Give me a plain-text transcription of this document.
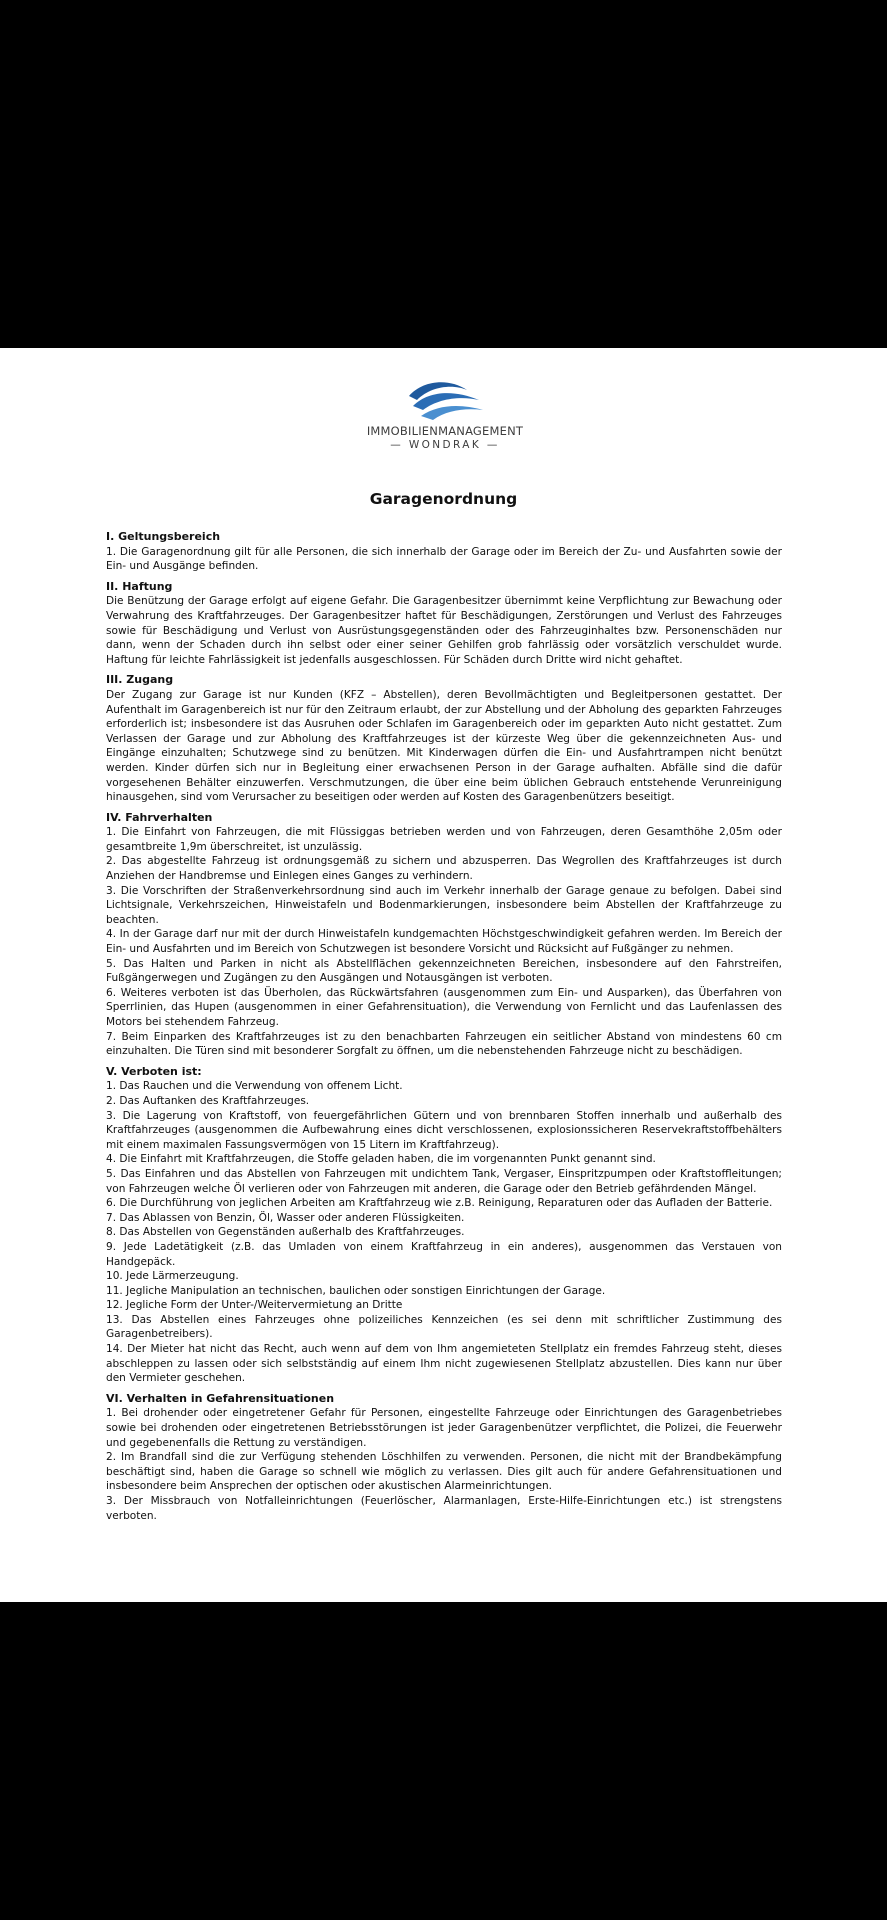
IMMOBILIENMANAGEMENT
— WONDRAK —
Garagenordnung
I. Geltungsbereich

1. Die Garagenordnung gilt für alle Personen, die sich innerhalb der Garage oder im Bereich der Zu- und Ausfahrten sowie der Ein- und Ausgänge befinden.

II. Haftung

Die Benützung der Garage erfolgt auf eigene Gefahr. Die Garagenbesitzer übernimmt keine Verpflichtung zur Bewachung oder Verwahrung des Kraftfahrzeuges. Der Garagenbesitzer haftet für Beschädigungen, Zerstörungen und Verlust des Fahrzeuges sowie für Beschädigung und Verlust von Ausrüstungsgegenständen oder des Fahrzeuginhaltes bzw. Personenschäden nur dann, wenn der Schaden durch ihn selbst oder einer seiner Gehilfen grob fahrlässig oder vorsätzlich verschuldet wurde. Haftung für leichte Fahrlässigkeit ist jedenfalls ausgeschlossen. Für Schäden durch Dritte wird nicht gehaftet.

III. Zugang

Der Zugang zur Garage ist nur Kunden (KFZ – Abstellen), deren Bevollmächtigten und Begleitpersonen gestattet. Der Aufenthalt im Garagenbereich ist nur für den Zeitraum erlaubt, der zur Abstellung und der Abholung des geparkten Fahrzeuges erforderlich ist; insbesondere ist das Ausruhen oder Schlafen im Garagenbereich oder im geparkten Auto nicht gestattet. Zum Verlassen der Garage und zur Abholung des Kraftfahrzeuges ist der kürzeste Weg über die gekennzeichneten Aus- und Eingänge einzuhalten; Schutzwege sind zu benützen. Mit Kinderwagen dürfen die Ein- und Ausfahrtrampen nicht benützt werden. Kinder dürfen sich nur in Begleitung einer erwachsenen Person in der Garage aufhalten. Abfälle sind die dafür vorgesehenen Behälter einzuwerfen. Verschmutzungen, die über eine beim üblichen Gebrauch entstehende Verunreinigung hinausgehen, sind vom Verursacher zu beseitigen oder werden auf Kosten des Garagenbenützers beseitigt.

IV. Fahrverhalten

1. Die Einfahrt von Fahrzeugen, die mit Flüssiggas betrieben werden und von Fahrzeugen, deren Gesamthöhe 2,05m oder gesamtbreite 1,9m überschreitet, ist unzulässig.

2. Das abgestellte Fahrzeug ist ordnungsgemäß zu sichern und abzusperren. Das Wegrollen des Kraftfahrzeuges ist durch Anziehen der Handbremse und Einlegen eines Ganges zu verhindern.

3. Die Vorschriften der Straßenverkehrsordnung sind auch im Verkehr innerhalb der Garage genaue zu befolgen. Dabei sind Lichtsignale, Verkehrszeichen, Hinweistafeln und Bodenmarkierungen, insbesondere beim Abstellen der Kraftfahrzeuge zu beachten.

4. In der Garage darf nur mit der durch Hinweistafeln kundgemachten Höchstgeschwindigkeit gefahren werden. Im Bereich der Ein- und Ausfahrten und im Bereich von Schutzwegen ist besondere Vorsicht und Rücksicht auf Fußgänger zu nehmen.

5. Das Halten und Parken in nicht als Abstellflächen gekennzeichneten Bereichen, insbesondere auf den Fahrstreifen, Fußgängerwegen und Zugängen zu den Ausgängen und Notausgängen ist verboten.

6. Weiteres verboten ist das Überholen, das Rückwärtsfahren (ausgenommen zum Ein- und Ausparken), das Überfahren von Sperrlinien, das Hupen (ausgenommen in einer Gefahrensituation), die Verwendung von Fernlicht und das Laufenlassen des Motors bei stehendem Fahrzeug.

7. Beim Einparken des Kraftfahrzeuges ist zu den benachbarten Fahrzeugen ein seitlicher Abstand von mindestens 60 cm einzuhalten. Die Türen sind mit besonderer Sorgfalt zu öffnen, um die nebenstehenden Fahrzeuge nicht zu beschädigen.

V. Verboten ist:

1. Das Rauchen und die Verwendung von offenem Licht.

2. Das Auftanken des Kraftfahrzeuges.

3. Die Lagerung von Kraftstoff, von feuergefährlichen Gütern und von brennbaren Stoffen innerhalb und außerhalb des Kraftfahrzeuges (ausgenommen die Aufbewahrung eines dicht verschlossenen, explosionssicheren Reservekraftstoffbehälters mit einem maximalen Fassungsvermögen von 15 Litern im Kraftfahrzeug).

4. Die Einfahrt mit Kraftfahrzeugen, die Stoffe geladen haben, die im vorgenannten Punkt genannt sind.

5. Das Einfahren und das Abstellen von Fahrzeugen mit undichtem Tank, Vergaser, Einspritzpumpen oder Kraftstoffleitungen; von Fahrzeugen welche Öl verlieren oder von Fahrzeugen mit anderen, die Garage oder den Betrieb gefährdenden Mängel.

6. Die Durchführung von jeglichen Arbeiten am Kraftfahrzeug wie z.B. Reinigung, Reparaturen oder das Aufladen der Batterie.

7. Das Ablassen von Benzin, Öl, Wasser oder anderen Flüssigkeiten.

8. Das Abstellen von Gegenständen außerhalb des Kraftfahrzeuges.

9. Jede Ladetätigkeit (z.B. das Umladen von einem Kraftfahrzeug in ein anderes), ausgenommen das Verstauen von Handgepäck.

10. Jede Lärmerzeugung.

11. Jegliche Manipulation an technischen, baulichen oder sonstigen Einrichtungen der Garage.

12. Jegliche Form der Unter-/Weitervermietung an Dritte

13. Das Abstellen eines Fahrzeuges ohne polizeiliches Kennzeichen (es sei denn mit schriftlicher Zustimmung des Garagenbetreibers).

14. Der Mieter hat nicht das Recht, auch wenn auf dem von Ihm angemieteten Stellplatz ein fremdes Fahrzeug steht, dieses abschleppen zu lassen oder sich selbstständig auf einem Ihm nicht zugewiesenen Stellplatz abzustellen. Dies kann nur über den Vermieter geschehen.

VI. Verhalten in Gefahrensituationen

1. Bei drohender oder eingetretener Gefahr für Personen, eingestellte Fahrzeuge oder Einrichtungen des Garagenbetriebes sowie bei drohenden oder eingetretenen Betriebsstörungen ist jeder Garagenbenützer verpflichtet, die Polizei, die Feuerwehr und gegebenenfalls die Rettung zu verständigen.

2. Im Brandfall sind die zur Verfügung stehenden Löschhilfen zu verwenden. Personen, die nicht mit der Brandbekämpfung beschäftigt sind, haben die Garage so schnell wie möglich zu verlassen. Dies gilt auch für andere Gefahrensituationen und insbesondere beim Ansprechen der optischen oder akustischen Alarmeinrichtungen.

3. Der Missbrauch von Notfalleinrichtungen (Feuerlöscher, Alarmanlagen, Erste-Hilfe-Einrichtungen etc.) ist strengstens verboten.
